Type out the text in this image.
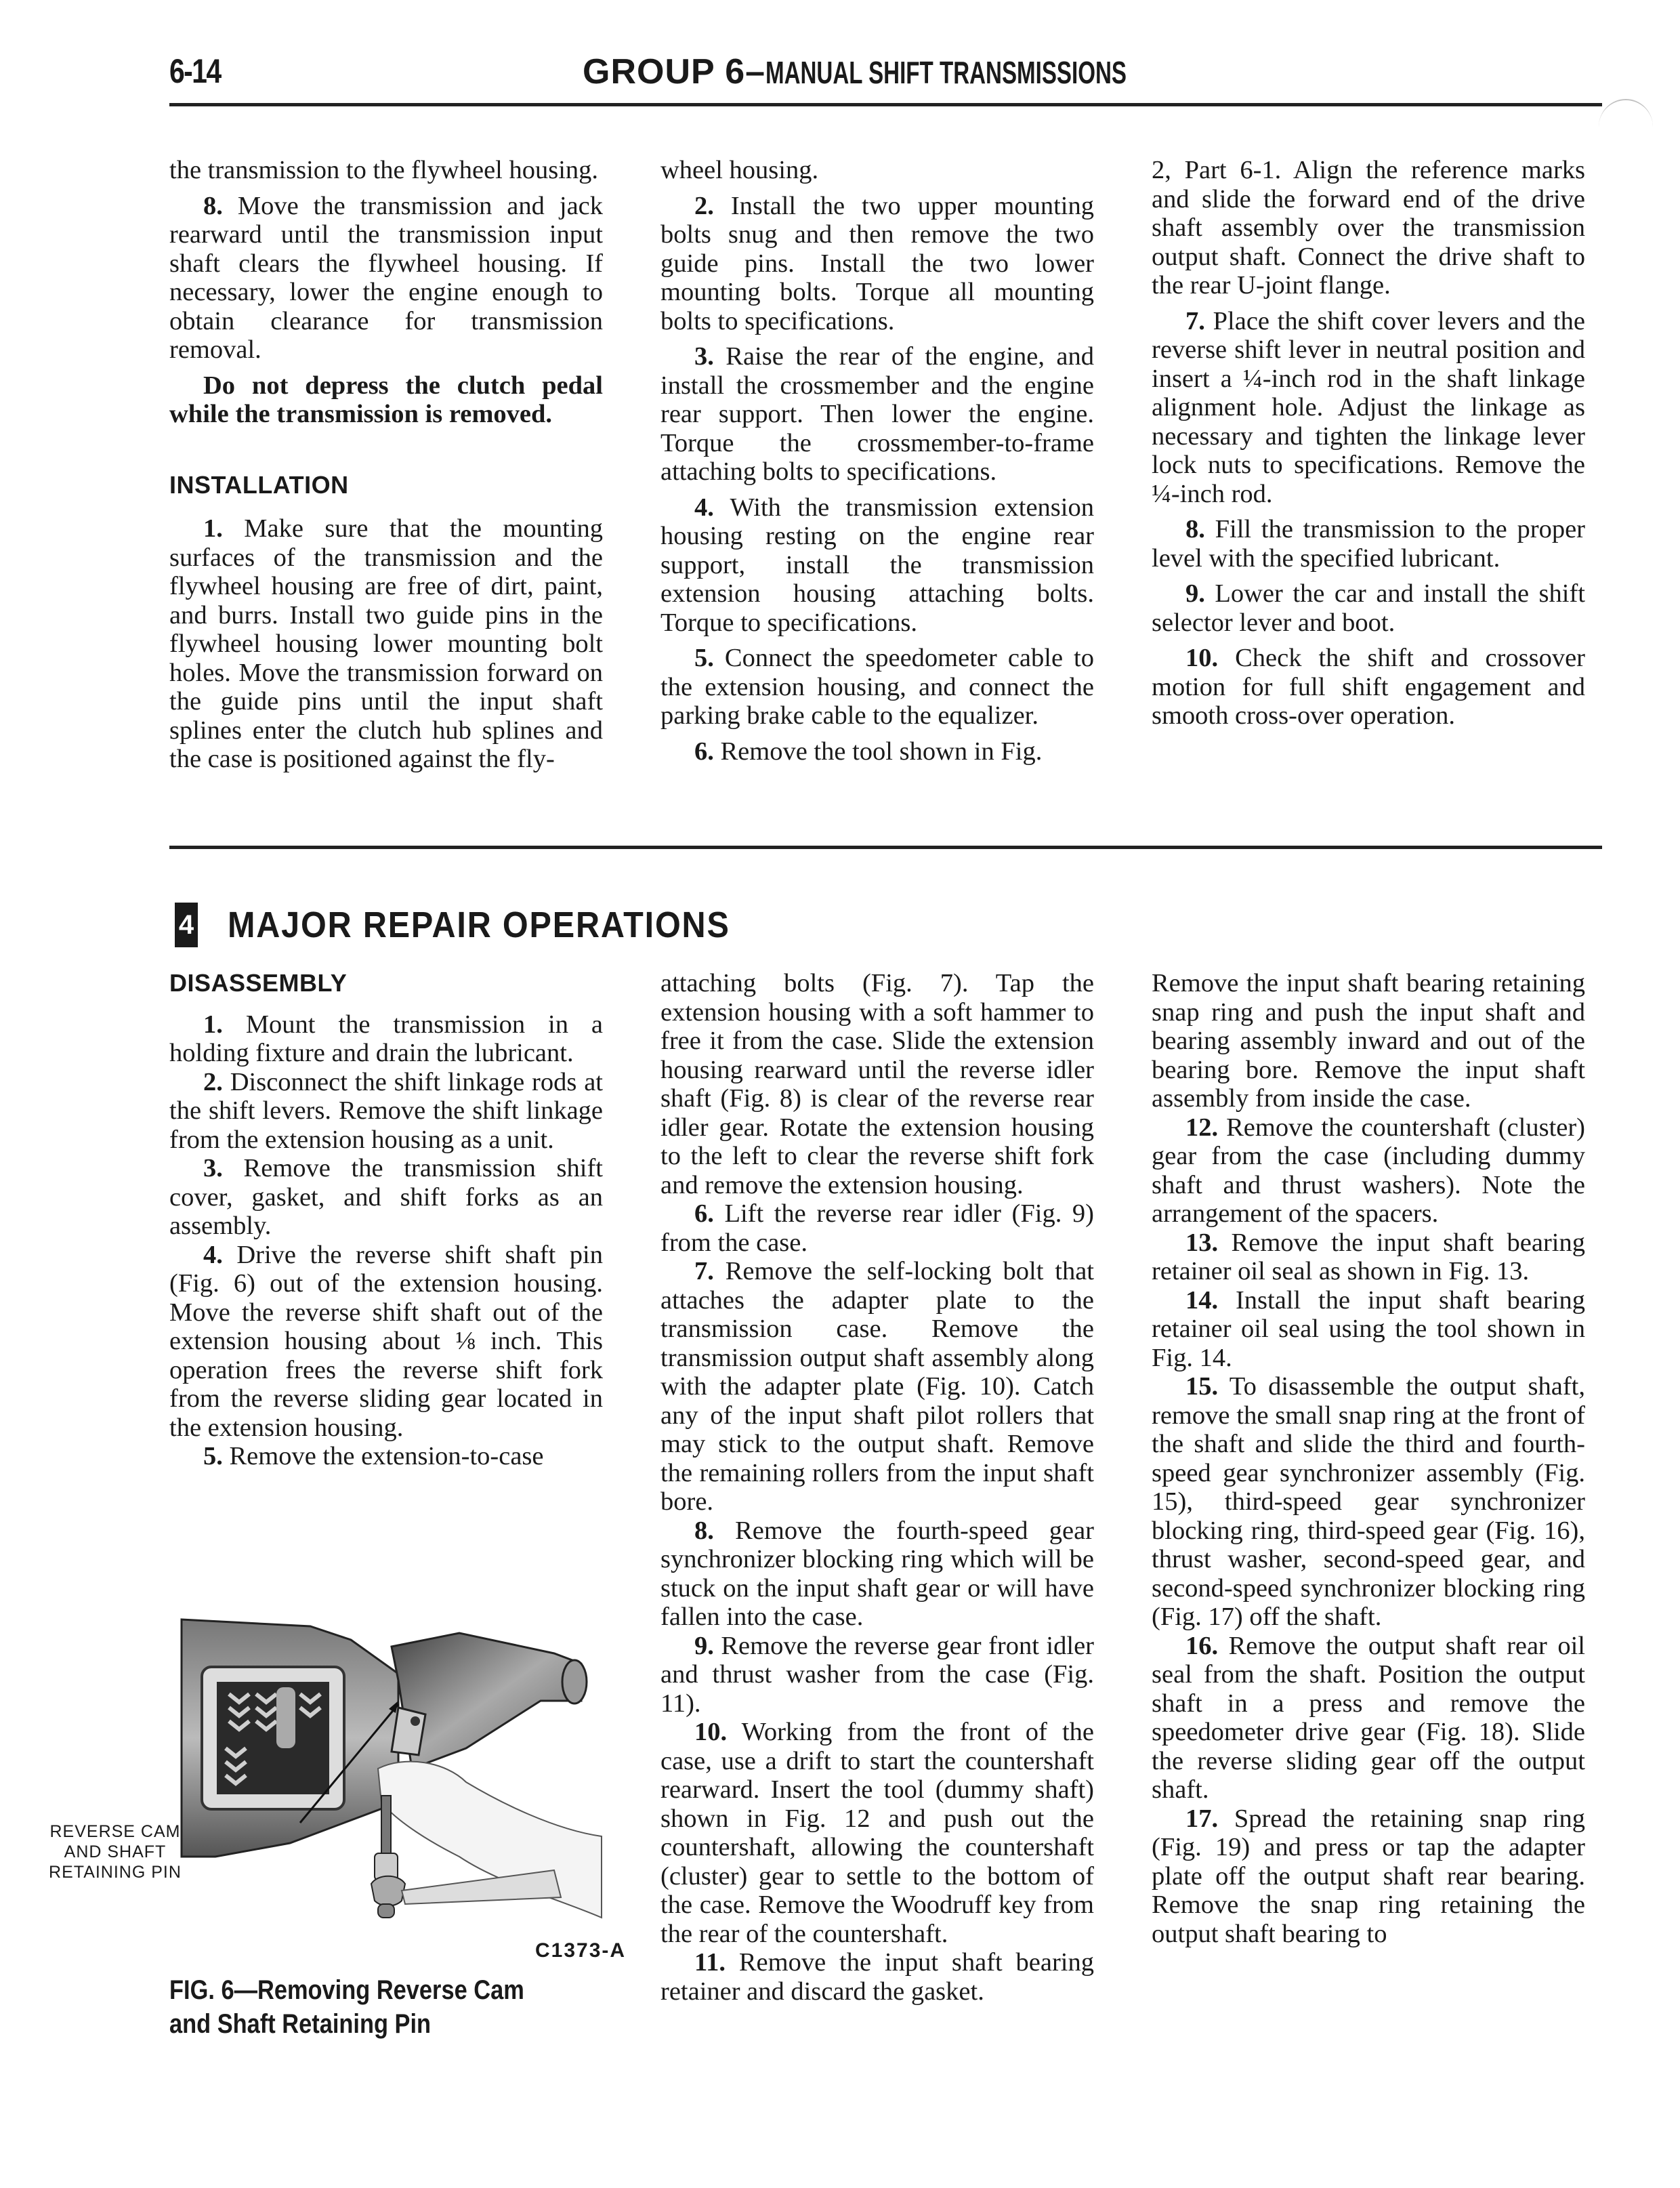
6-14	GROUP 6–MANUAL SHIFT TRANSMISSIONS

the transmission to the flywheel housing.

8. Move the transmission and jack rearward until the transmission input shaft clears the flywheel housing. If necessary, lower the engine enough to obtain clearance for transmission removal.

Do not depress the clutch pedal while the transmission is removed.

INSTALLATION

1. Make sure that the mounting surfaces of the transmission and the flywheel housing are free of dirt, paint, and burrs. Install two guide pins in the flywheel housing lower mounting bolt holes. Move the transmission forward on the guide pins until the input shaft splines enter the clutch hub splines and the case is positioned against the fly-

wheel housing.

2. Install the two upper mounting bolts snug and then remove the two guide pins. Install the two lower mounting bolts. Torque all mounting bolts to specifications.

3. Raise the rear of the engine, and install the crossmember and the engine rear support. Then lower the engine. Torque the crossmember-to-frame attaching bolts to specifications.

4. With the transmission extension housing resting on the engine rear support, install the transmission extension housing attaching bolts. Torque to specifications.

5. Connect the speedometer cable to the extension housing, and connect the parking brake cable to the equalizer.

6. Remove the tool shown in Fig.

2, Part 6-1. Align the reference marks and slide the forward end of the drive shaft assembly over the transmission output shaft. Connect the drive shaft to the rear U-joint flange.

7. Place the shift cover levers and the reverse shift lever in neutral position and insert a ¼-inch rod in the shaft linkage alignment hole. Adjust the linkage as necessary and tighten the linkage lever lock nuts to specifications. Remove the ¼-inch rod.

8. Fill the transmission to the proper level with the specified lubricant.

9. Lower the car and install the shift selector lever and boot.

10. Check the shift and crossover motion for full shift engagement and smooth cross-over operation.

4 MAJOR REPAIR OPERATIONS

DISASSEMBLY

1. Mount the transmission in a holding fixture and drain the lubricant.

2. Disconnect the shift linkage rods at the shift levers. Remove the shift linkage from the extension housing as a unit.

3. Remove the transmission shift cover, gasket, and shift forks as an assembly.

4. Drive the reverse shift shaft pin (Fig. 6) out of the extension housing. Move the reverse shift shaft out of the extension housing about ⅛ inch. This operation frees the reverse shift fork from the reverse sliding gear located in the extension housing.

5. Remove the extension-to-case

REVERSE CAM
AND SHAFT
RETAINING PIN
C1373-A
FIG. 6—Removing Reverse Cam
and Shaft Retaining Pin

attaching bolts (Fig. 7). Tap the extension housing with a soft hammer to free it from the case. Slide the extension housing rearward until the reverse idler shaft (Fig. 8) is clear of the reverse rear idler gear. Rotate the extension housing to the left to clear the reverse shift fork and remove the extension housing.

6. Lift the reverse rear idler (Fig. 9) from the case.

7. Remove the self-locking bolt that attaches the adapter plate to the transmission case. Remove the transmission output shaft assembly along with the adapter plate (Fig. 10). Catch any of the input shaft pilot rollers that may stick to the output shaft. Remove the remaining rollers from the input shaft bore.

8. Remove the fourth-speed gear synchronizer blocking ring which will be stuck on the input shaft gear or will have fallen into the case.

9. Remove the reverse gear front idler and thrust washer from the case (Fig. 11).

10. Working from the front of the case, use a drift to start the countershaft rearward. Insert the tool (dummy shaft) shown in Fig. 12 and push out the countershaft, allowing the countershaft (cluster) gear to settle to the bottom of the case. Remove the Woodruff key from the rear of the countershaft.

11. Remove the input shaft bearing retainer and discard the gasket.

Remove the input shaft bearing retaining snap ring and push the input shaft and bearing assembly inward and out of the bearing bore. Remove the input shaft assembly from inside the case.

12. Remove the countershaft (cluster) gear from the case (including dummy shaft and thrust washers). Note the arrangement of the spacers.

13. Remove the input shaft bearing retainer oil seal as shown in Fig. 13.

14. Install the input shaft bearing retainer oil seal using the tool shown in Fig. 14.

15. To disassemble the output shaft, remove the small snap ring at the front of the shaft and slide the third and fourth-speed gear synchronizer assembly (Fig. 15), third-speed gear synchronizer blocking ring, third-speed gear (Fig. 16), thrust washer, second-speed gear, and second-speed synchronizer blocking ring (Fig. 17) off the shaft.

16. Remove the output shaft rear oil seal from the shaft. Position the output shaft in a press and remove the speedometer drive gear (Fig. 18). Slide the reverse sliding gear off the output shaft.

17. Spread the retaining snap ring (Fig. 19) and press or tap the adapter plate off the output shaft rear bearing. Remove the snap ring retaining the output shaft bearing to
